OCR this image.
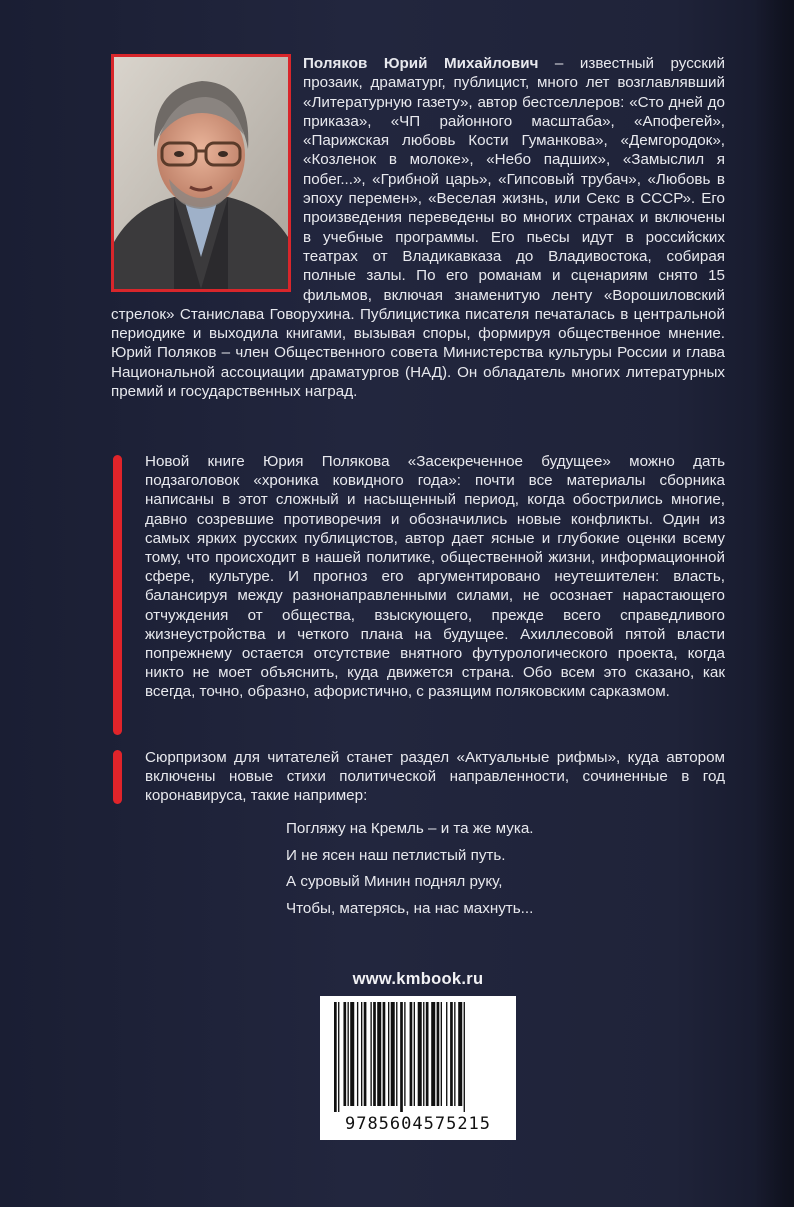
Поляков Юрий Михайлович – известный русский прозаик, драматург, публицист, много лет возглавлявший «Литературную газету», автор бестселлеров: «Сто дней до приказа», «ЧП районного масштаба», «Апофегей», «Парижская любовь Кости Гуманкова», «Демгородок», «Козленок в молоке», «Небо падших», «Замыслил я побег...», «Грибной царь», «Гипсовый трубач», «Любовь в эпоху перемен», «Веселая жизнь, или Секс в СССР». Его произведения переведены во многих странах и включены в учебные программы. Его пьесы идут в российских театрах от Владикавказа до Владивостока, собирая полные залы. По его романам и сценариям снято 15 фильмов, включая знаменитую ленту «Ворошиловский стрелок» Станислава Говорухина. Публицистика писателя печаталась в центральной периодике и выходила книгами, вызывая споры, формируя общественное мнение. Юрий Поляков – член Общественного совета Министерства культуры России и глава Национальной ассоциации драматургов (НАД). Он обладатель многих литературных премий и государственных наград.

Новой книге Юрия Полякова «Засекреченное будущее» можно дать подзаголовок «хроника ковидного года»: почти все материалы сборника написаны в этот сложный и насыщенный период, когда обострились многие, давно созревшие противоречия и обозначились новые конфликты. Один из самых ярких русских публицистов, автор дает ясные и глубокие оценки всему тому, что происходит в нашей политике, общественной жизни, информационной сфере, культуре. И прогноз его аргументировано неутешителен: власть, балансируя между разнонаправленными силами, не осознает нарастающего отчуждения от общества, взыскующего, прежде всего справедливого жизнеустройства и четкого плана на будущее. Ахиллесовой пятой власти попрежнему остается отсутствие внятного футурологического проекта, когда никто не моет объяснить, куда движется страна. Обо всем это сказано, как всегда, точно, образно, афористично, с разящим поляковским сарказмом.

Сюрпризом для читателей станет раздел «Актуальные рифмы», куда автором включены новые стихи политической направленности, сочиненные в год коронавируса, такие например:

Погляжу на Кремль – и та же мука.
И не ясен наш петлистый путь.
А суровый Минин поднял руку,
Чтобы, матерясь, на нас махнуть...
www.kmbook.ru
9785604575215
